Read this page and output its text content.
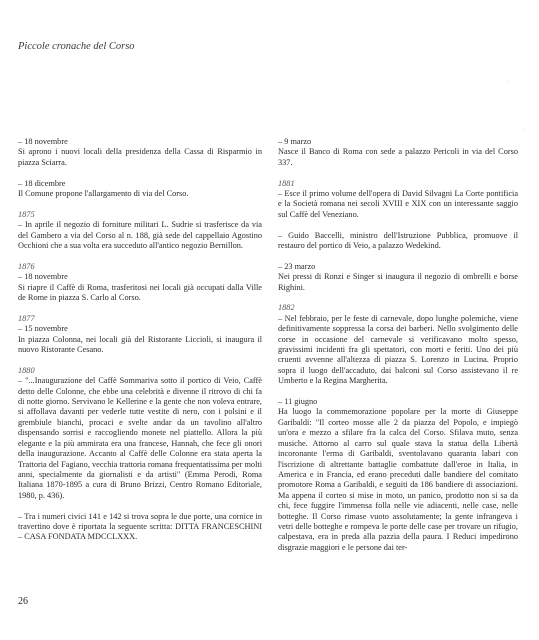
Piccole cronache del Corso

– 18 novembre

Si aprono i nuovi locali della presidenza della Cassa di Risparmio in piazza Sciarra.

– 18 dicembre

Il Comune propone l'allargamento di via del Corso.

1875

– In aprile il negozio di forniture militari L. Sudrie si trasferisce da via del Gambero a via del Corso al n. 188, già sede del cappellaio Agostino Occhioni che a sua volta era succeduto all'antico negozio Bernillon.

1876

– 18 novembre

Si riapre il Caffè di Roma, trasferitosi nei locali già occupati dalla Ville de Rome in piazza S. Carlo al Corso.

1877

– 15 novembre

In piazza Colonna, nei locali già del Ristorante Liccioli, si inaugura il nuovo Ristorante Cesano.

1880

– "...Inaugurazione del Caffè Sommariva sotto il portico di Veio, Caffè detto delle Colonne, che ebbe una celebrità e divenne il ritrovo di chi fa di notte giorno. Servivano le Kellerine e la gente che non voleva entrare, si affollava davanti per vederle tutte vestite di nero, con i polsini e il grembiule bianchi, procaci e svelte andar da un tavolino all'altro dispensando sorrisi e raccogliendo monete nel piattello. Allora la più elegante e la più ammirata era una francese, Hannah, che fece gli onori della inaugurazione. Accanto al Caffè delle Colonne era stata aperta la Trattoria del Fagiano, vecchia trattoria romana frequentatissima per molti anni, specialmente da giornalisti e da artisti" (Emma Perodi, Roma Italiana 1870-1895 a cura di Bruno Brizzi, Centro Romano Editoriale, 1980, p. 436).

– Tra i numeri civici 141 e 142 si trova sopra le due porte, una cornice in travertino dove è riportata la seguente scritta: DITTA FRANCESCHINI – CASA FONDATA MDCCLXXX.

– 9 marzo

Nasce il Banco di Roma con sede a palazzo Pericoli in via del Corso 337.

1881

– Esce il primo volume dell'opera di David Silvagni La Corte pontificia e la Società romana nei secoli XVIII e XIX con un interessante saggio sul Caffè del Veneziano.

– Guido Baccelli, ministro dell'Istruzione Pubblica, promuove il restauro del portico di Veio, a palazzo Wedekind.

– 23 marzo

Nei pressi di Ronzi e Singer si inaugura il negozio di ombrelli e borse Righini.

1882

– Nel febbraio, per le feste di carnevale, dopo lunghe polemiche, viene definitivamente soppressa la corsa dei barberi. Nello svolgimento delle corse in occasione del carnevale si verificavano molto spesso, gravissimi incidenti fra gli spettatori, con morti e feriti. Uno dei più cruenti avvenne all'altezza di piazza S. Lorenzo in Lucina. Proprio sopra il luogo dell'accaduto, dai balconi sul Corso assistevano il re Umberto e la Regina Margherita.

– 11 giugno

Ha luogo la commemorazione popolare per la morte di Giuseppe Garibaldi: "Il corteo mosse alle 2 da piazza del Popolo, e impiegò un'ora e mezzo a sfilare fra la calca del Corso. Sfilava muto, senza musiche. Attorno al carro sul quale stava la statua della Libertà incoronante l'erma di Garibaldi, sventolavano quaranta labari con l'iscrizione di altrettante battaglie combattute dall'eroe in Italia, in America e in Francia, ed erano preceduti dalle bandiere del comitato promotore Roma a Garibaldi, e seguiti da 186 bandiere di associazioni. Ma appena il corteo si mise in moto, un panico, prodotto non si sa da chi, fece fuggire l'immensa folla nelle vie adiacenti, nelle case, nelle botteghe. Il Corso rimase vuoto assolutamente; la gente infrangeva i vetri delle botteghe e rompeva le porte delle case per trovare un rifugio, calpestava, era in preda alla pazzia della paura. I Reduci impedirono disgrazie maggiori e le persone dai ter-

26
·
·
